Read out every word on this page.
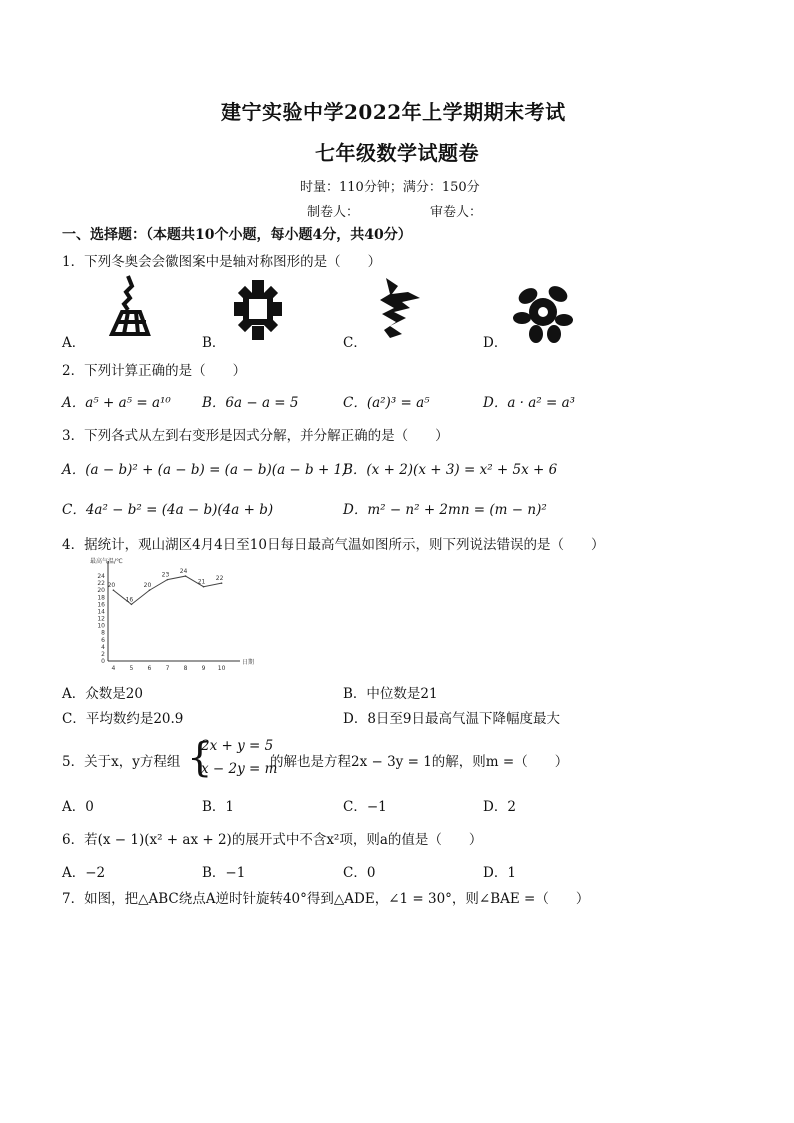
建宁实验中学2022年上学期期末考试
七年级数学试题卷
时量：110分钟；满分：150分
制卷人：	审卷人：
一、选择题：（本题共10个小题，每小题4分，共40分）
1．下列冬奥会会徽图案中是轴对称图形的是（　　）
A．	B．	C．	D．
2．下列计算正确的是（　　）
A．a⁵ + a⁵ = a¹⁰ B．6a − a = 5	C．(a²)³ = a⁵	D．a · a² = a³
3．下列各式从左到右变形是因式分解，并分解正确的是（　　）
A．(a − b)² + (a − b) = (a − b)(a − b + 1)
B．(x + 2)(x + 3) = x² + 5x + 6
C．4a² − b² = (4a − b)(4a + b)	D．m² − n² + 2mn = (m − n)²
4．据统计，观山湖区4月4日至10日每日最高气温如图所示，则下列说法错误的是（　　）
最高气温/℃
日期
0
2
4
6
8
10
12
14
16
18
20
22
24
4 5 6 7 8 9 10
20
16
20
23
24
21
22
A．众数是20	B．中位数是21
C．平均数约是20.9	D．8日至9日最高气温下降幅度最大
5．关于x，y方程组 {
2x + y = 5
x − 2y = m
的解也是方程2x − 3y = 1的解，则m =（　　）
A．0	B．1	C．−1	D．2
6．若(x − 1)(x² + ax + 2)的展开式中不含x²项，则a的值是（　　）
A．−2	B．−1	C．0	D．1
7．如图，把△ABC绕点A逆时针旋转40°得到△ADE，∠1 = 30°，则∠BAE =（　　）
